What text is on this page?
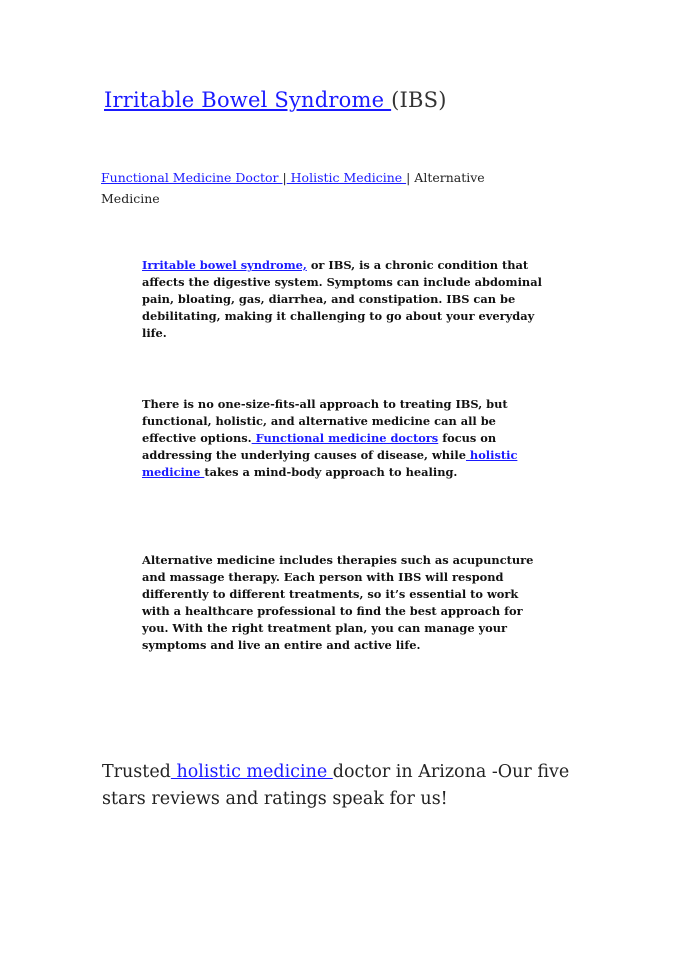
Irritable Bowel Syndrome (IBS)
Functional Medicine Doctor | Holistic Medicine | Alternative Medicine

Irritable bowel syndrome, or IBS, is a chronic condition that affects the digestive system. Symptoms can include abdominal pain, bloating, gas, diarrhea, and constipation. IBS can be debilitating, making it challenging to go about your everyday life.

There is no one-size-fits-all approach to treating IBS, but functional, holistic, and alternative medicine can all be effective options. Functional medicine doctors focus on addressing the underlying causes of disease, while holistic medicine takes a mind-body approach to healing.

Alternative medicine includes therapies such as acupuncture and massage therapy. Each person with IBS will respond differently to different treatments, so it’s essential to work with a healthcare professional to find the best approach for you. With the right treatment plan, you can manage your symptoms and live an entire and active life.

Trusted holistic medicine doctor in Arizona -Our five stars reviews and ratings speak for us!
